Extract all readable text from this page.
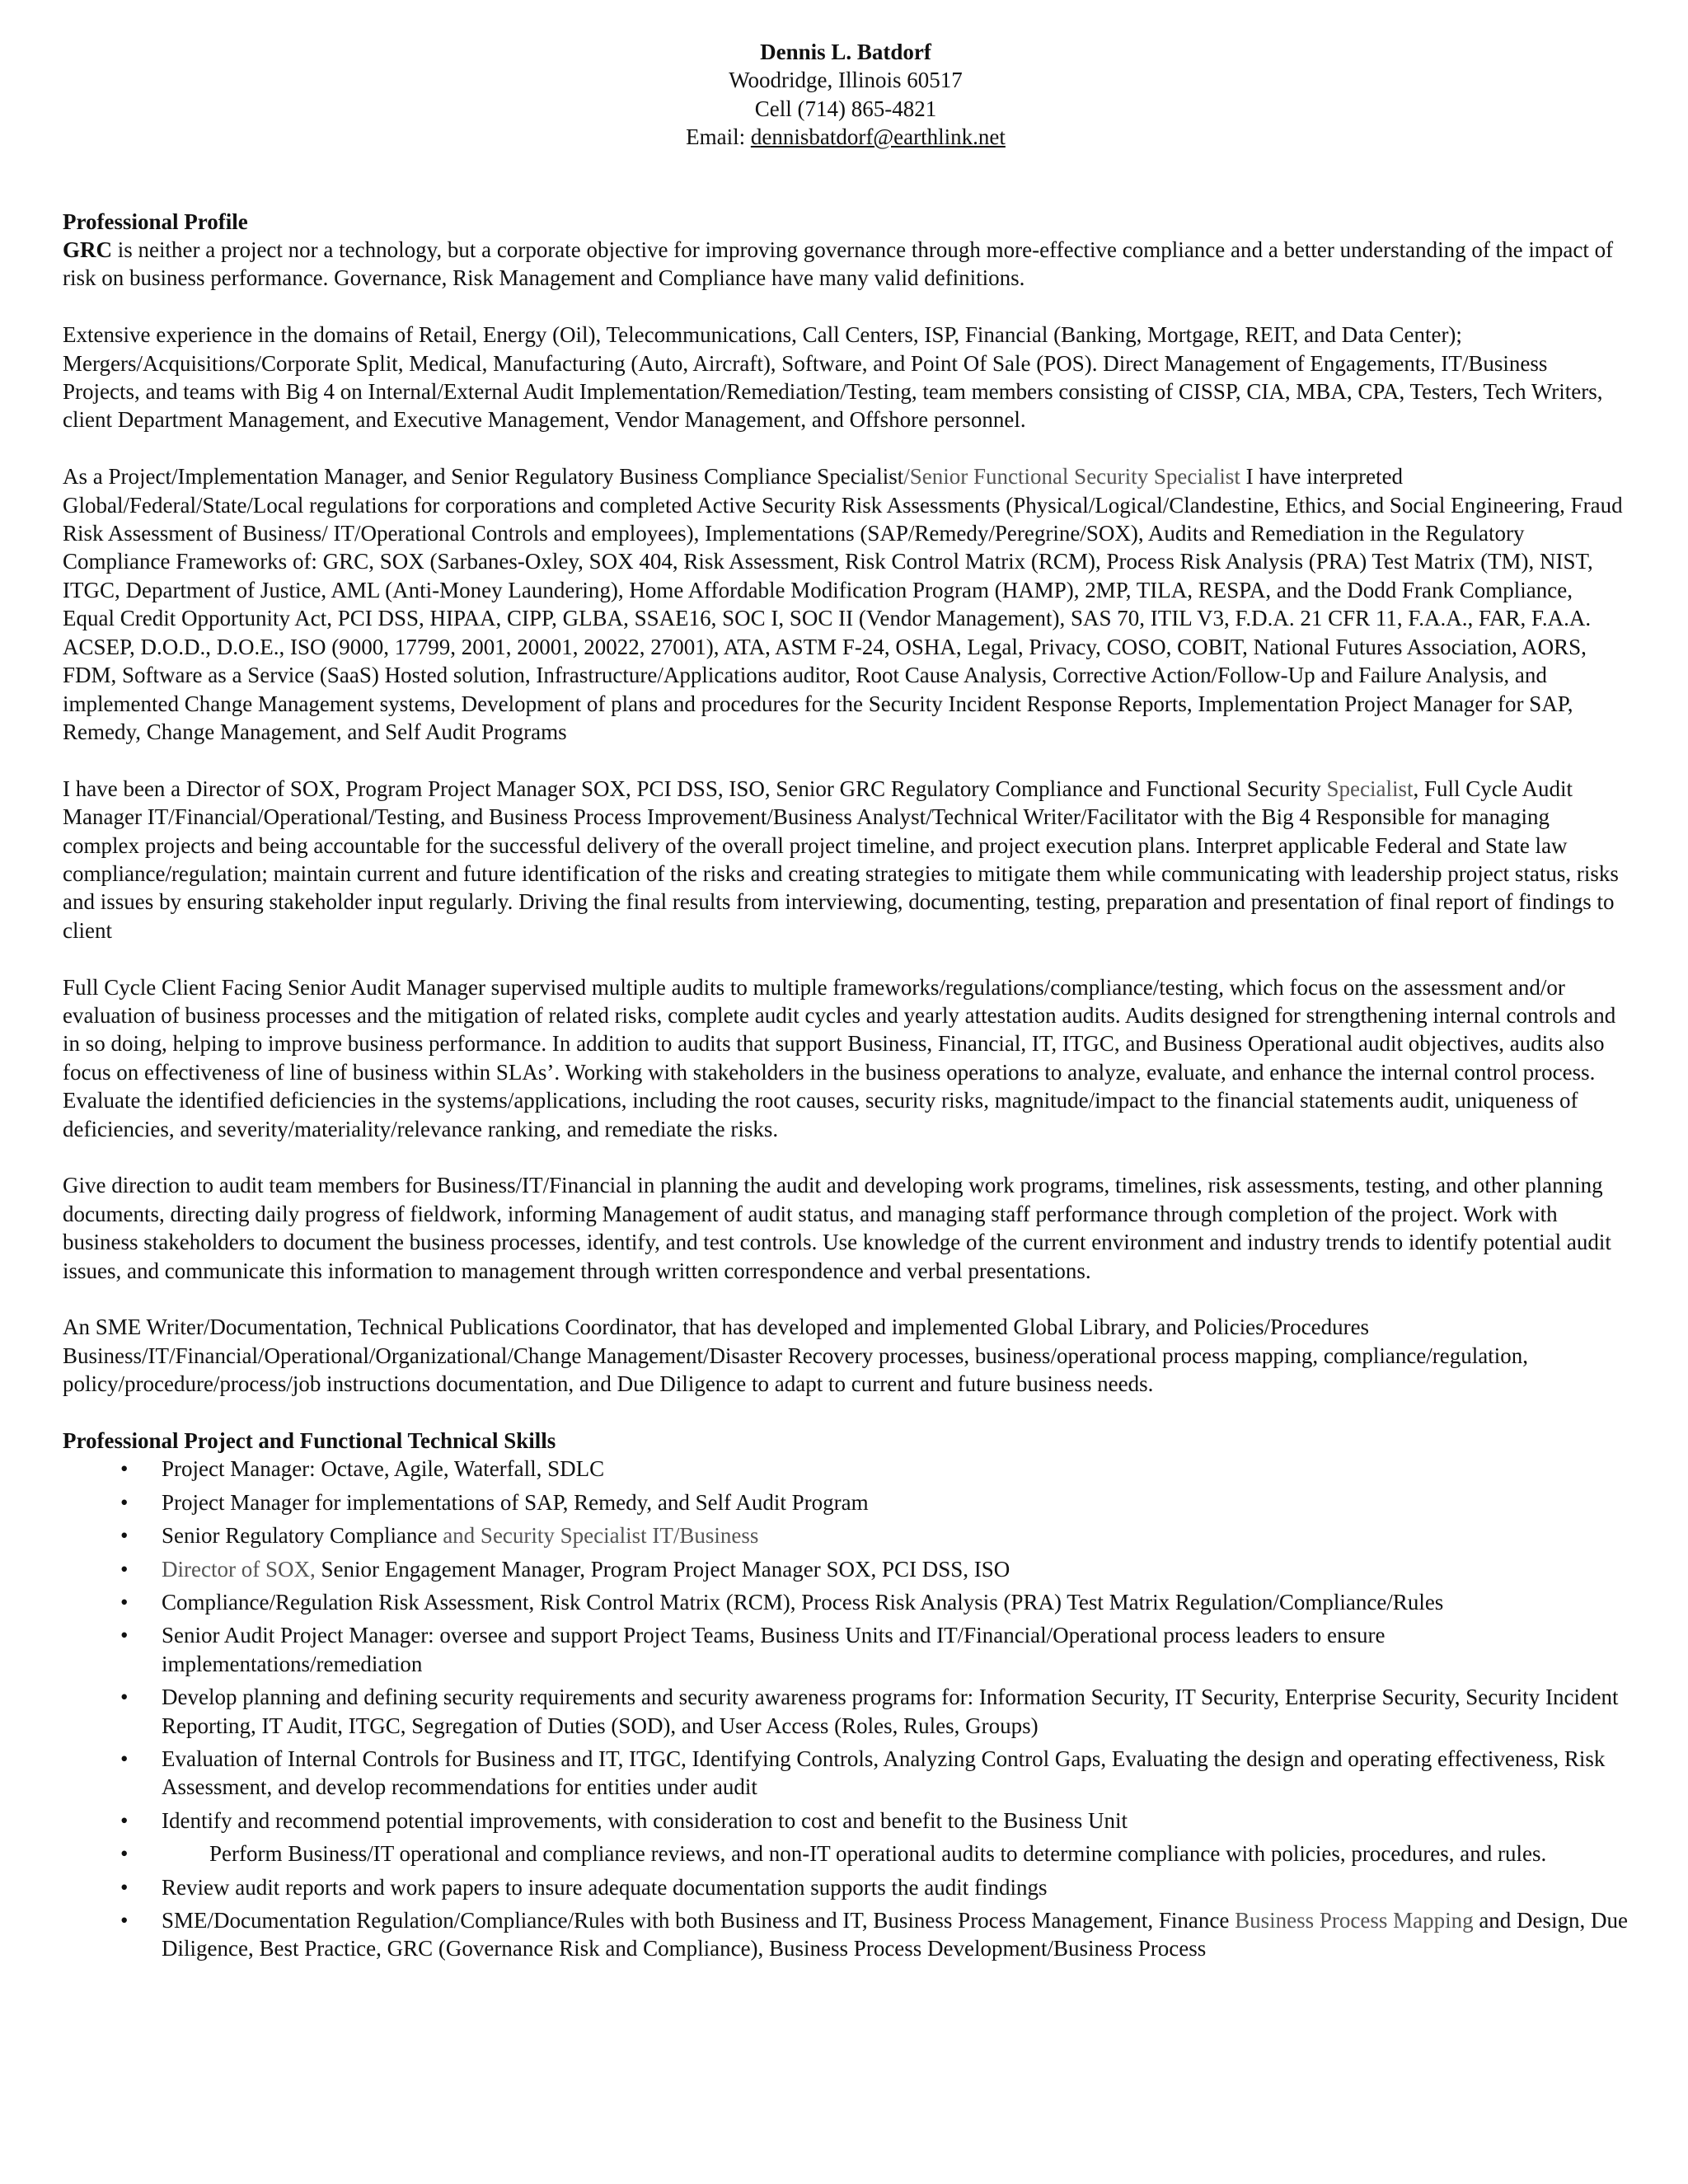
Dennis L. Batdorf
Woodridge, Illinois 60517
Cell (714) 865-4821
Email: dennisbatdorf@earthlink.net
Professional Profile

GRC is neither a project nor a technology, but a corporate objective for improving governance through more-effective compliance and a better understanding of the impact of risk on business performance. Governance, Risk Management and Compliance have many valid definitions.

Extensive experience in the domains of Retail, Energy (Oil), Telecommunications, Call Centers, ISP, Financial (Banking, Mortgage, REIT, and Data Center); Mergers/Acquisitions/Corporate Split, Medical, Manufacturing (Auto, Aircraft), Software, and Point Of Sale (POS). Direct Management of Engagements, IT/Business Projects, and teams with Big 4 on Internal/External Audit Implementation/Remediation/Testing, team members consisting of CISSP, CIA, MBA, CPA, Testers, Tech Writers, client Department Management, and Executive Management, Vendor Management, and Offshore personnel.

As a Project/Implementation Manager, and Senior Regulatory Business Compliance Specialist/Senior Functional Security Specialist I have interpreted Global/Federal/State/Local regulations for corporations and completed Active Security Risk Assessments (Physical/Logical/Clandestine, Ethics, and Social Engineering, Fraud Risk Assessment of Business/ IT/Operational Controls and employees), Implementations (SAP/Remedy/Peregrine/SOX), Audits and Remediation in the Regulatory Compliance Frameworks of: GRC, SOX (Sarbanes-Oxley, SOX 404, Risk Assessment, Risk Control Matrix (RCM), Process Risk Analysis (PRA) Test Matrix (TM), NIST, ITGC, Department of Justice, AML (Anti-Money Laundering), Home Affordable Modification Program (HAMP), 2MP, TILA, RESPA, and the Dodd Frank Compliance, Equal Credit Opportunity Act, PCI DSS, HIPAA, CIPP, GLBA, SSAE16, SOC I, SOC II (Vendor Management), SAS 70, ITIL V3, F.D.A. 21 CFR 11, F.A.A., FAR, F.A.A. ACSEP, D.O.D., D.O.E., ISO (9000, 17799, 2001, 20001, 20022, 27001), ATA, ASTM F-24, OSHA, Legal, Privacy, COSO, COBIT, National Futures Association, AORS, FDM, Software as a Service (SaaS) Hosted solution, Infrastructure/Applications auditor, Root Cause Analysis, Corrective Action/Follow-Up and Failure Analysis, and implemented Change Management systems, Development of plans and procedures for the Security Incident Response Reports, Implementation Project Manager for SAP, Remedy, Change Management, and Self Audit Programs

I have been a Director of SOX, Program Project Manager SOX, PCI DSS, ISO, Senior GRC Regulatory Compliance and Functional Security Specialist, Full Cycle Audit Manager IT/Financial/Operational/Testing, and Business Process Improvement/Business Analyst/Technical Writer/Facilitator with the Big 4 Responsible for managing complex projects and being accountable for the successful delivery of the overall project timeline, and project execution plans. Interpret applicable Federal and State law compliance/regulation; maintain current and future identification of the risks and creating strategies to mitigate them while communicating with leadership project status, risks and issues by ensuring stakeholder input regularly. Driving the final results from interviewing, documenting, testing, preparation and presentation of final report of findings to client

Full Cycle Client Facing Senior Audit Manager supervised multiple audits to multiple frameworks/regulations/compliance/testing, which focus on the assessment and/or evaluation of business processes and the mitigation of related risks, complete audit cycles and yearly attestation audits. Audits designed for strengthening internal controls and in so doing, helping to improve business performance. In addition to audits that support Business, Financial, IT, ITGC, and Business Operational audit objectives, audits also focus on effectiveness of line of business within SLAs’. Working with stakeholders in the business operations to analyze, evaluate, and enhance the internal control process. Evaluate the identified deficiencies in the systems/applications, including the root causes, security risks, magnitude/impact to the financial statements audit, uniqueness of deficiencies, and severity/materiality/relevance ranking, and remediate the risks.

Give direction to audit team members for Business/IT/Financial in planning the audit and developing work programs, timelines, risk assessments, testing, and other planning documents, directing daily progress of fieldwork, informing Management of audit status, and managing staff performance through completion of the project. Work with business stakeholders to document the business processes, identify, and test controls. Use knowledge of the current environment and industry trends to identify potential audit issues, and communicate this information to management through written correspondence and verbal presentations.

An SME Writer/Documentation, Technical Publications Coordinator, that has developed and implemented Global Library, and Policies/Procedures Business/IT/Financial/Operational/Organizational/Change Management/Disaster Recovery processes, business/operational process mapping, compliance/regulation, policy/procedure/process/job instructions documentation, and Due Diligence to adapt to current and future business needs.

Professional Project and Functional Technical Skills
• Project Manager: Octave, Agile, Waterfall, SDLC
• Project Manager for implementations of SAP, Remedy, and Self Audit Program
• Senior Regulatory Compliance and Security Specialist IT/Business
• Director of SOX, Senior Engagement Manager, Program Project Manager SOX, PCI DSS, ISO
• Compliance/Regulation Risk Assessment, Risk Control Matrix (RCM), Process Risk Analysis (PRA) Test Matrix Regulation/Compliance/Rules
• Senior Audit Project Manager: oversee and support Project Teams, Business Units and IT/Financial/Operational process leaders to ensure implementations/remediation
• Develop planning and defining security requirements and security awareness programs for: Information Security, IT Security, Enterprise Security, Security Incident Reporting, IT Audit, ITGC, Segregation of Duties (SOD), and User Access (Roles, Rules, Groups)
• Evaluation of Internal Controls for Business and IT, ITGC, Identifying Controls, Analyzing Control Gaps, Evaluating the design and operating effectiveness, Risk Assessment, and develop recommendations for entities under audit
• Identify and recommend potential improvements, with consideration to cost and benefit to the Business Unit
• Perform Business/IT operational and compliance reviews, and non-IT operational audits to determine compliance with policies, procedures, and rules.
• Review audit reports and work papers to insure adequate documentation supports the audit findings
• SME/Documentation Regulation/Compliance/Rules with both Business and IT, Business Process Management, Finance Business Process Mapping and Design, Due Diligence, Best Practice, GRC (Governance Risk and Compliance), Business Process Development/Business Process
